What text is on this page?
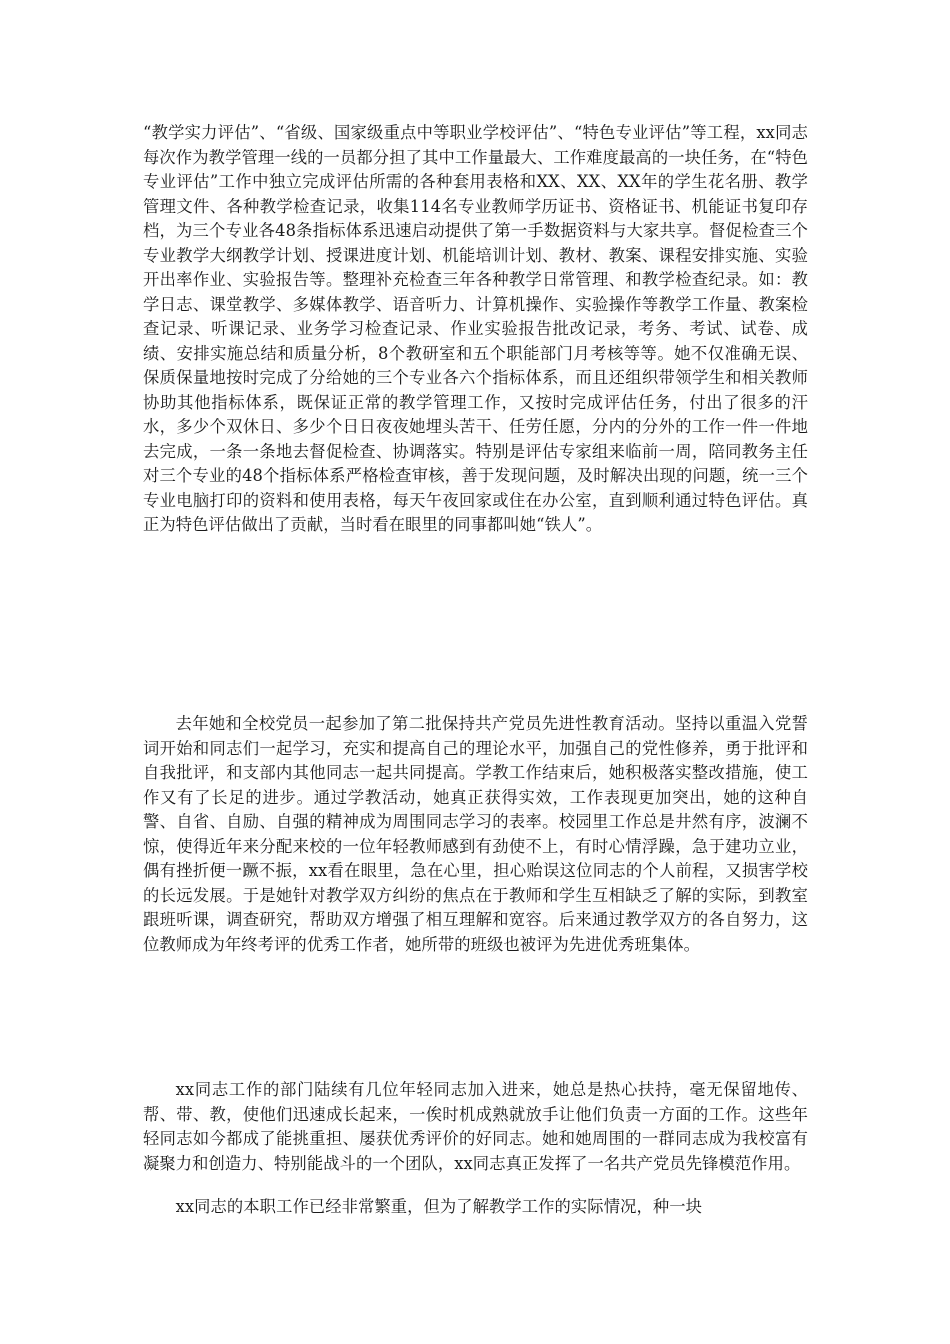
“教学实力评估”、“省级、国家级重点中等职业学校评估”、“特色专业评估”等工程，xx同志每次作为教学管理一线的一员都分担了其中工作量最大、工作难度最高的一块任务，在“特色专业评估”工作中独立完成评估所需的各种套用表格和XX、XX、XX年的学生花名册、教学管理文件、各种教学检查记录，收集114名专业教师学历证书、资格证书、机能证书复印存档，为三个专业各48条指标体系迅速启动提供了第一手数据资料与大家共享。督促检查三个专业教学大纲教学计划、授课进度计划、机能培训计划、教材、教案、课程安排实施、实验开出率作业、实验报告等。整理补充检查三年各种教学日常管理、和教学检查纪录。如：教学日志、课堂教学、多媒体教学、语音听力、计算机操作、实验操作等教学工作量、教案检查记录、听课记录、业务学习检查记录、作业实验报告批改记录，考务、考试、试卷、成绩、安排实施总结和质量分析，8个教研室和五个职能部门月考核等等。她不仅准确无误、保质保量地按时完成了分给她的三个专业各六个指标体系，而且还组织带领学生和相关教师协助其他指标体系，既保证正常的教学管理工作，又按时完成评估任务，付出了很多的汗水，多少个双休日、多少个日日夜夜她埋头苦干、任劳任愿，分内的分外的工作一件一件地去完成，一条一条地去督促检查、协调落实。特别是评估专家组来临前一周，陪同教务主任对三个专业的48个指标体系严格检查审核，善于发现问题，及时解决出现的问题，统一三个专业电脑打印的资料和使用表格，每天午夜回家或住在办公室，直到顺利通过特色评估。真正为特色评估做出了贡献，当时看在眼里的同事都叫她“铁人”。

去年她和全校党员一起参加了第二批保持共产党员先进性教育活动。坚持以重温入党誓词开始和同志们一起学习，充实和提高自己的理论水平，加强自己的党性修养，勇于批评和自我批评，和支部内其他同志一起共同提高。学教工作结束后，她积极落实整改措施，使工作又有了长足的进步。通过学教活动，她真正获得实效，工作表现更加突出，她的这种自警、自省、自励、自强的精神成为周围同志学习的表率。校园里工作总是井然有序，波澜不惊，使得近年来分配来校的一位年轻教师感到有劲使不上，有时心情浮躁，急于建功立业，偶有挫折便一蹶不振，xx看在眼里，急在心里，担心贻误这位同志的个人前程，又损害学校的长远发展。于是她针对教学双方纠纷的焦点在于教师和学生互相缺乏了解的实际，到教室跟班听课，调查研究，帮助双方增强了相互理解和宽容。后来通过教学双方的各自努力，这位教师成为年终考评的优秀工作者，她所带的班级也被评为先进优秀班集体。

xx同志工作的部门陆续有几位年轻同志加入进来，她总是热心扶持，毫无保留地传、帮、带、教，使他们迅速成长起来，一俟时机成熟就放手让他们负责一方面的工作。这些年轻同志如今都成了能挑重担、屡获优秀评价的好同志。她和她周围的一群同志成为我校富有凝聚力和创造力、特别能战斗的一个团队，xx同志真正发挥了一名共产党员先锋模范作用。

xx同志的本职工作已经非常繁重，但为了解教学工作的实际情况，种一块
